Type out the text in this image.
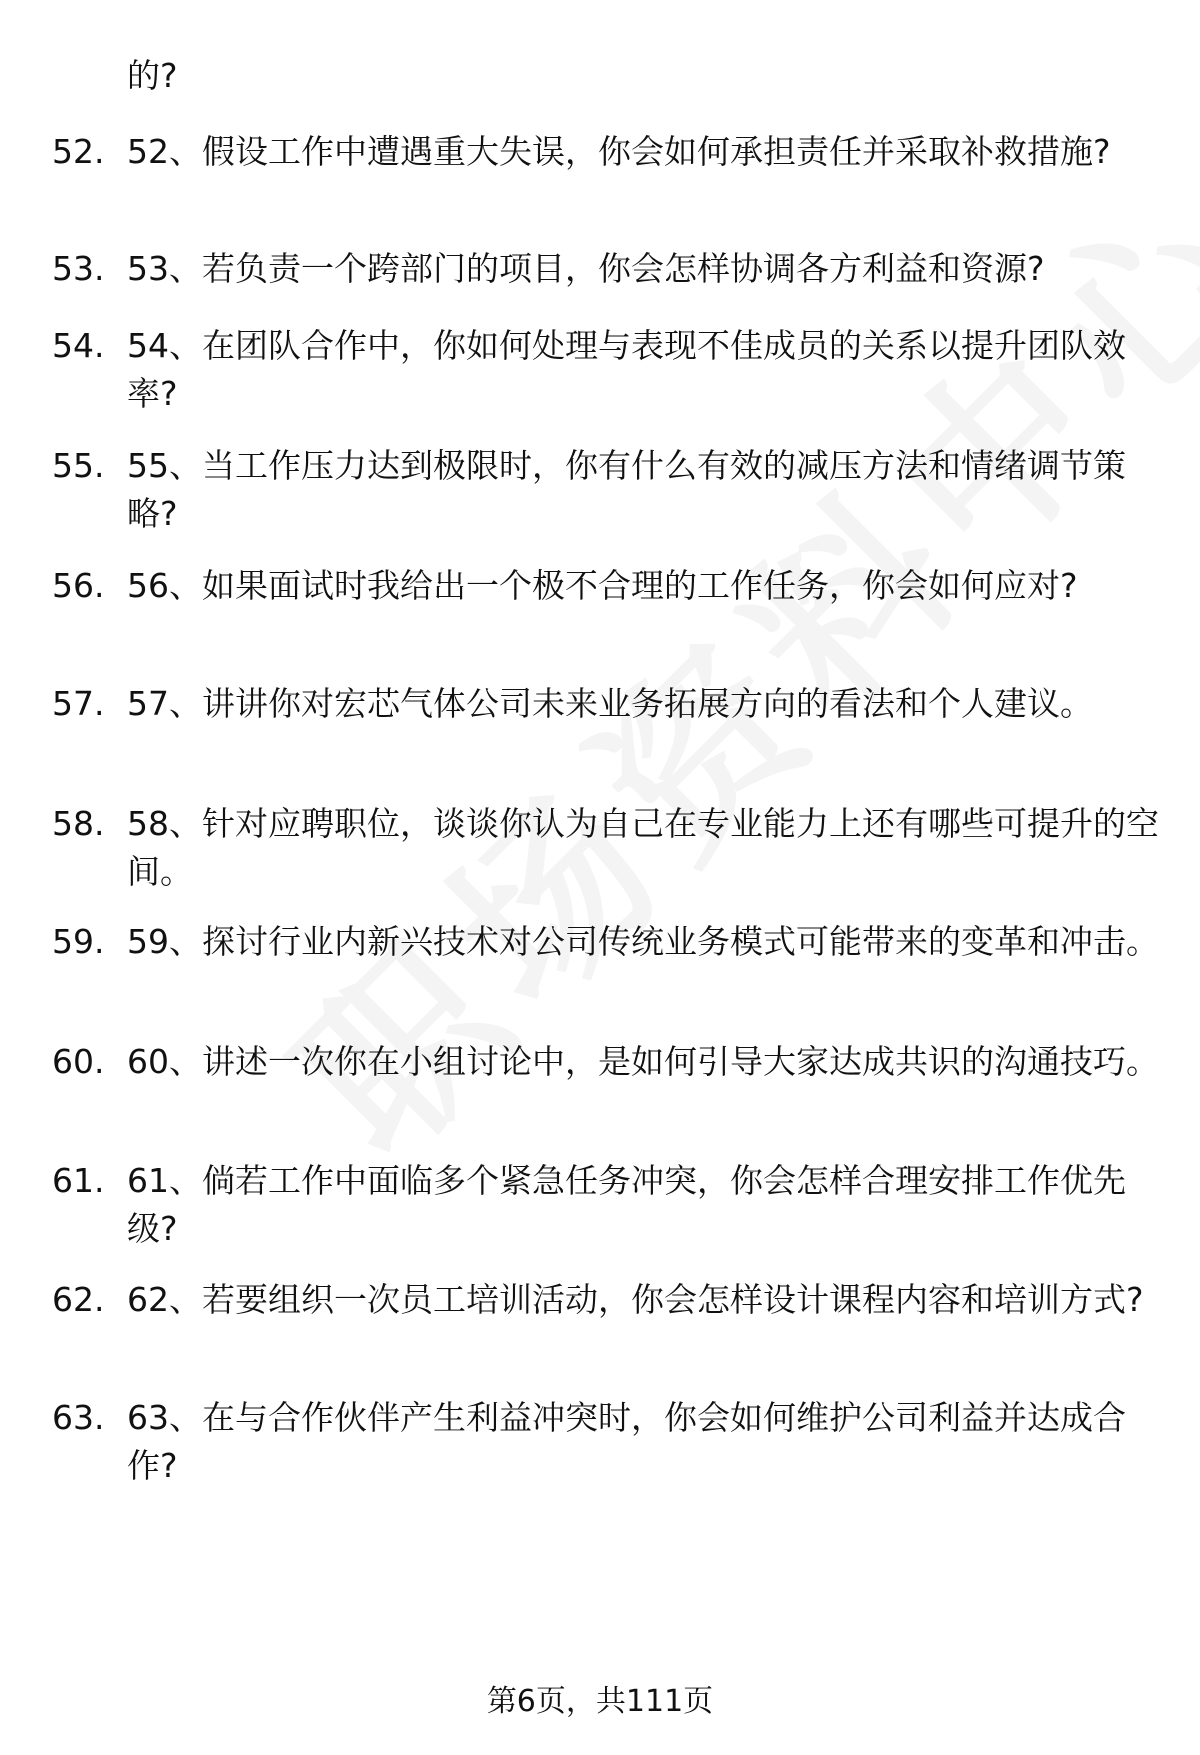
的?
52. 52、假设工作中遭遇重大失误，你会如何承担责任并采取补救措施?
53. 53、若负责一个跨部门的项目，你会怎样协调各方利益和资源?
54. 54、在团队合作中，你如何处理与表现不佳成员的关系以提升团队效率?
55. 55、当工作压力达到极限时，你有什么有效的减压方法和情绪调节策略?
56. 56、如果面试时我给出一个极不合理的工作任务，你会如何应对?
57. 57、讲讲你对宏芯气体公司未来业务拓展方向的看法和个人建议。
58. 58、针对应聘职位，谈谈你认为自己在专业能力上还有哪些可提升的空间。
59. 59、探讨行业内新兴技术对公司传统业务模式可能带来的变革和冲击。
60. 60、讲述一次你在小组讨论中，是如何引导大家达成共识的沟通技巧。
61. 61、倘若工作中面临多个紧急任务冲突，你会怎样合理安排工作优先级?
62. 62、若要组织一次员工培训活动，你会怎样设计课程内容和培训方式?
63. 63、在与合作伙伴产生利益冲突时，你会如何维护公司利益并达成合作?
第6页，共111页
